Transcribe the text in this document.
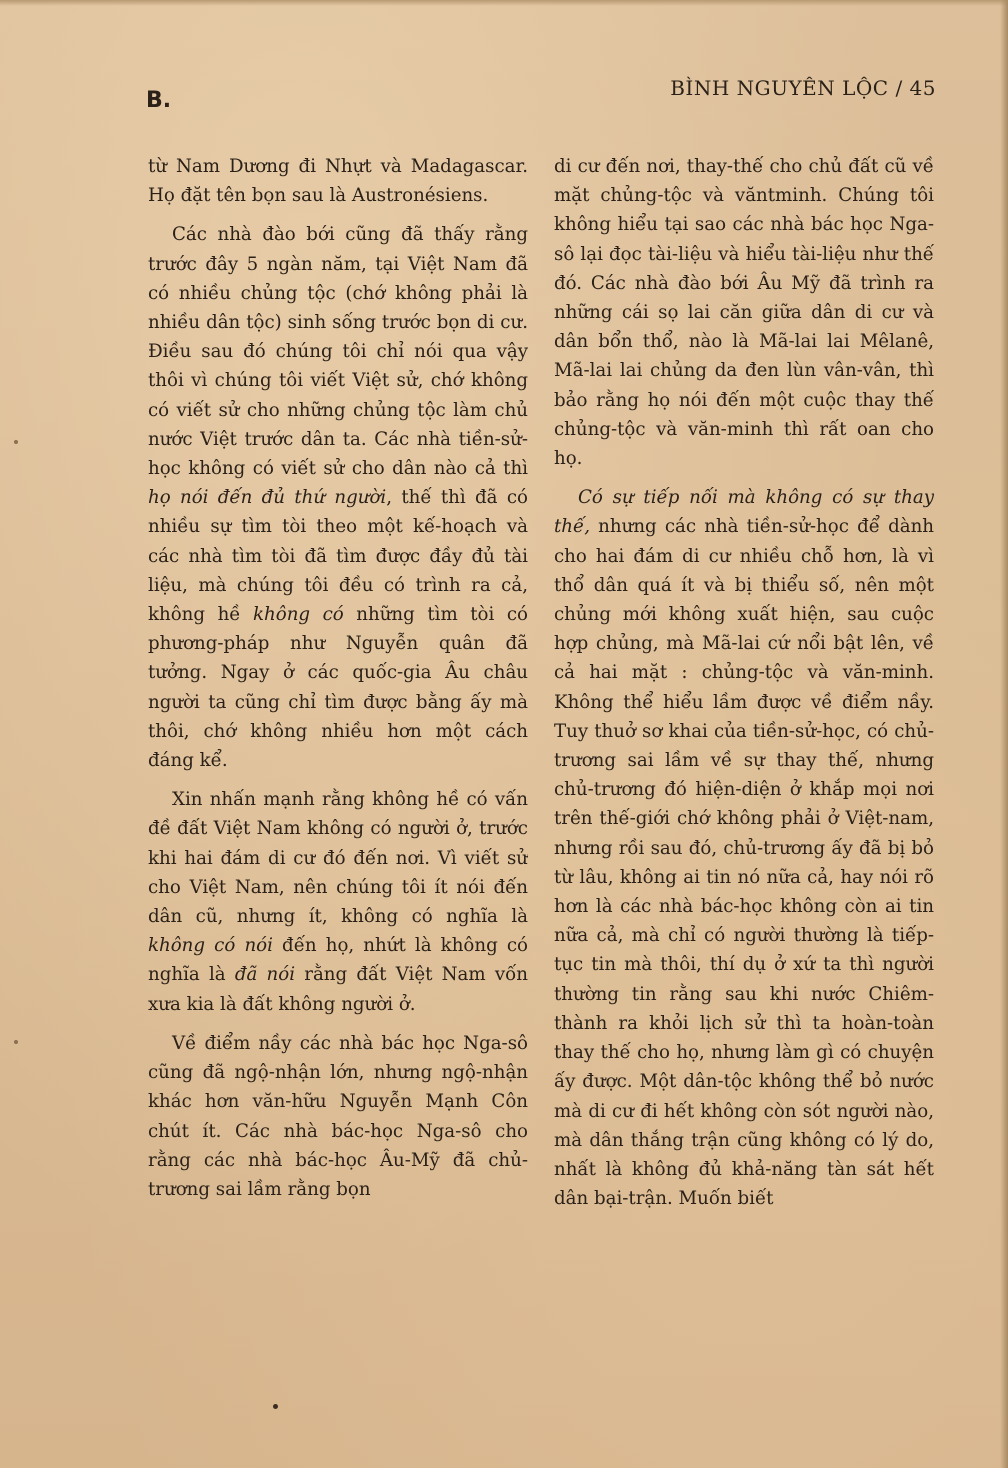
B.	BÌNH NGUYÊN LỘC / 45

từ Nam Dương đi Nhựt và Madagascar. Họ đặt tên bọn sau là Austronésiens.

Các nhà đào bới cũng đã thấy rằng trước đây 5 ngàn năm, tại Việt Nam đã có nhiều chủng tộc (chớ không phải là nhiều dân tộc) sinh sống trước bọn di cư. Điều sau đó chúng tôi chỉ nói qua vậy thôi vì chúng tôi viết Việt sử, chớ không có viết sử cho những chủng tộc làm chủ nước Việt trước dân ta. Các nhà tiền-sử-học không có viết sử cho dân nào cả thì họ nói đến đủ thứ người, thế thì đã có nhiều sự tìm tòi theo một kế-hoạch và các nhà tìm tòi đã tìm được đầy đủ tài liệu, mà chúng tôi đều có trình ra cả, không hề không có những tìm tòi có phương-pháp như Nguyễn quân đã tưởng. Ngay ở các quốc-gia Âu châu người ta cũng chỉ tìm được bằng ấy mà thôi, chớ không nhiều hơn một cách đáng kể.

Xin nhấn mạnh rằng không hề có vấn đề đất Việt Nam không có người ở, trước khi hai đám di cư đó đến nơi. Vì viết sử cho Việt Nam, nên chúng tôi ít nói đến dân cũ, nhưng ít, không có nghĩa là không có nói đến họ, nhứt là không có nghĩa là đã nói rằng đất Việt Nam vốn xưa kia là đất không người ở.

Về điểm nầy các nhà bác học Nga-sô cũng đã ngộ-nhận lớn, nhưng ngộ-nhận khác hơn văn-hữu Nguyễn Mạnh Côn chút ít. Các nhà bác-học Nga-sô cho rằng các nhà bác-học Âu-Mỹ đã chủ-trương sai lầm rằng bọn

di cư đến nơi, thay-thế cho chủ đất cũ về mặt chủng-tộc và văntminh. Chúng tôi không hiểu tại sao các nhà bác học Nga-sô lại đọc tài-liệu và hiểu tài-liệu như thế đó. Các nhà đào bới Âu Mỹ đã trình ra những cái sọ lai căn giữa dân di cư và dân bổn thổ, nào là Mã-lai lai Mêlanê, Mã-lai lai chủng da đen lùn vân-vân, thì bảo rằng họ nói đến một cuộc thay thế chủng-tộc và văn-minh thì rất oan cho họ.

Có sự tiếp nối mà không có sự thay thế, nhưng các nhà tiền-sử-học để dành cho hai đám di cư nhiều chỗ hơn, là vì thổ dân quá ít và bị thiểu số, nên một chủng mới không xuất hiện, sau cuộc hợp chủng, mà Mã-lai cứ nổi bật lên, về cả hai mặt : chủng-tộc và văn-minh. Không thể hiểu lầm được về điểm nầy. Tuy thuở sơ khai của tiền-sử-học, có chủ-trương sai lầm về sự thay thế, nhưng chủ-trương đó hiện-diện ở khắp mọi nơi trên thế-giới chớ không phải ở Việt-nam, nhưng rồi sau đó, chủ-trương ấy đã bị bỏ từ lâu, không ai tin nó nữa cả, hay nói rõ hơn là các nhà bác-học không còn ai tin nữa cả, mà chỉ có người thường là tiếp-tục tin mà thôi, thí dụ ở xứ ta thì người thường tin rằng sau khi nước Chiêm-thành ra khỏi lịch sử thì ta hoàn-toàn thay thế cho họ, nhưng làm gì có chuyện ấy được. Một dân-tộc không thể bỏ nước mà di cư đi hết không còn sót người nào, mà dân thắng trận cũng không có lý do, nhất là không đủ khả-năng tàn sát hết dân bại-trận. Muốn biết
